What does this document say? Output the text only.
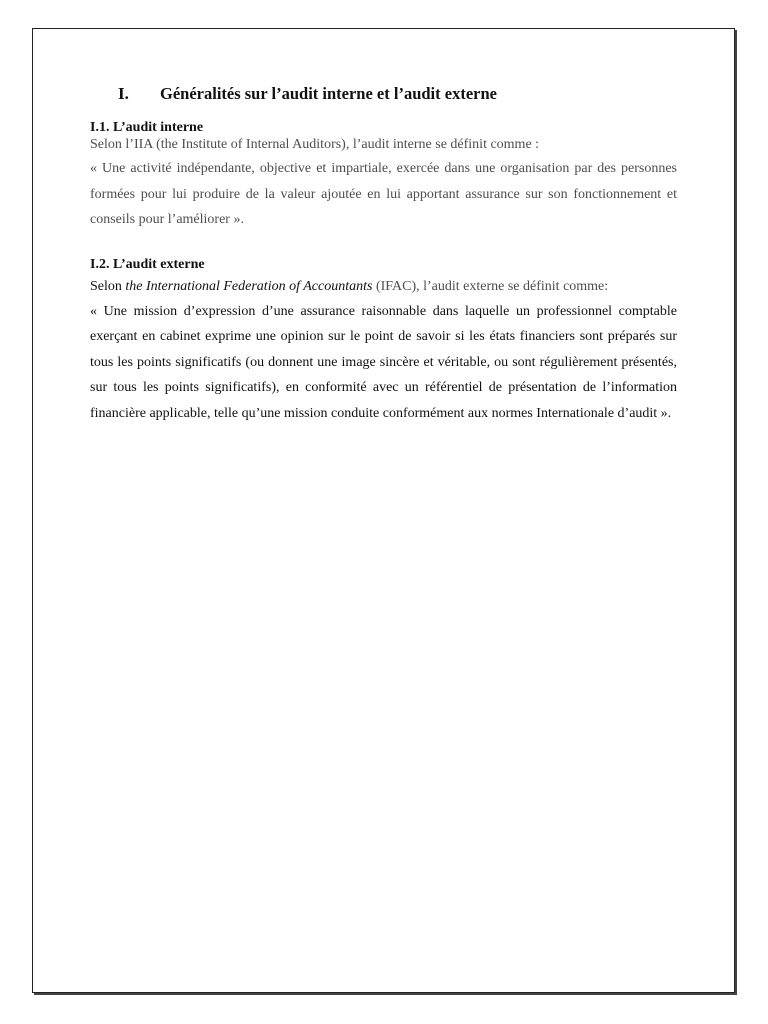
I.	Généralités sur l’audit interne et l’audit externe

I.1. L’audit interne

Selon l’IIA (the Institute of Internal Auditors), l’audit interne se définit comme :

« Une activité indépendante, objective et impartiale, exercée dans une organisation par des personnes formées pour lui produire de la valeur ajoutée en lui apportant assurance sur son fonctionnement et conseils pour l’améliorer ».

I.2. L’audit externe

Selon the International Federation of Accountants (IFAC), l’audit externe se définit comme:

« Une mission d’expression d’une assurance raisonnable dans laquelle un professionnel comptable exerçant en cabinet exprime une opinion sur le point de savoir si les états financiers sont préparés sur tous les points significatifs (ou donnent une image sincère et véritable, ou sont régulièrement présentés, sur tous les points significatifs), en conformité avec un référentiel de présentation de l’information financière applicable, telle qu’une mission conduite conformément aux normes Internationale d’audit ».
